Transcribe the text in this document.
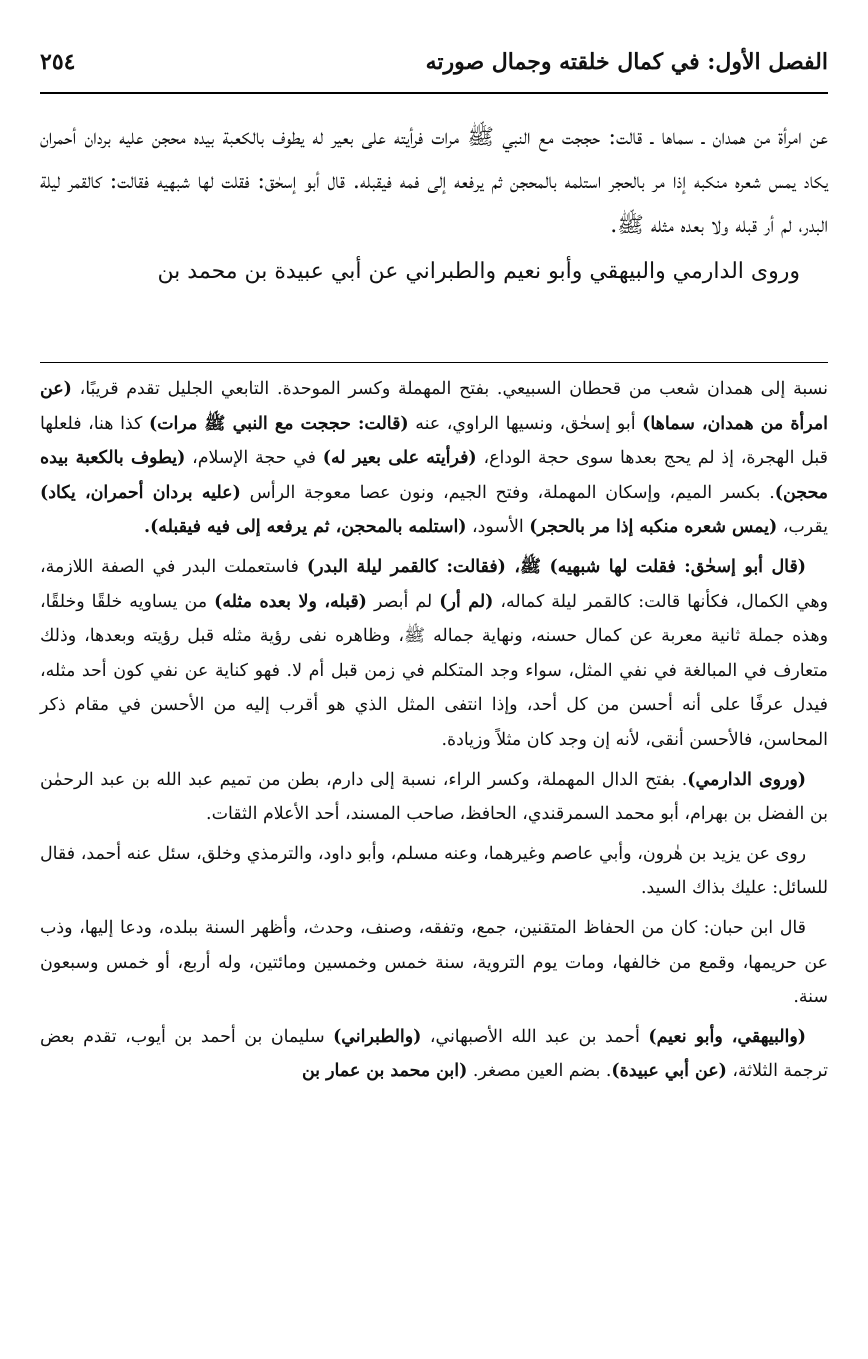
٢٥٤	الفصل الأول: في كمال خلقته وجمال صورته

عن امرأة من همدان ـ سماها ـ قالت: حججت مع النبي ﷺ مرات فرأيته على بعير له يطوف بالكعبة بيده محجن عليه بردان أحمران يكاد يمس شعره منكبه إذا مر بالحجر استلمه بالمحجن ثم يرفعه إلى فمه فيقبله. قال أبو إسحٰق: فقلت لها شبهيه فقالت: كالقمر ليلة البدر، لم أر قبله ولا بعده مثله ﷺ.

وروى الدارمي والبيهقي وأبو نعيم والطبراني عن أبي عبيدة بن محمد بن

نسبة إلى همدان شعب من قحطان السبيعي. بفتح المهملة وكسر الموحدة. التابعي الجليل تقدم قريبًا، (عن امرأة من همدان، سماها) أبو إسحٰق، ونسيها الراوي، عنه (قالت: حججت مع النبي ﷺ مرات) كذا هنا، فلعلها قبل الهجرة، إذ لم يحج بعدها سوى حجة الوداع، (فرأيته على بعير له) في حجة الإسلام، (يطوف بالكعبة بيده محجن). بكسر الميم، وإسكان المهملة، وفتح الجيم، ونون عصا معوجة الرأس (عليه بردان أحمران، يكاد) يقرب، (يمس شعره منكبه إذا مر بالحجر) الأسود، (استلمه بالمحجن، ثم يرفعه إلى فيه فيقبله).

(قال أبو إسحٰق: فقلت لها شبهيه) ﷺ، (فقالت: كالقمر ليلة البدر) فاستعملت البدر في الصفة اللازمة، وهي الكمال، فكأنها قالت: كالقمر ليلة كماله، (لم أر) لم أبصر (قبله، ولا بعده مثله) من يساويه خلقًا وخلقًا، وهذه جملة ثانية معربة عن كمال حسنه، ونهاية جماله ﷺ، وظاهره نفى رؤية مثله قبل رؤيته وبعدها، وذلك متعارف في المبالغة في نفي المثل، سواء وجد المتكلم في زمن قبل أم لا. فهو كناية عن نفي كون أحد مثله، فيدل عرفًا على أنه أحسن من كل أحد، وإذا انتفى المثل الذي هو أقرب إليه من الأحسن في مقام ذكر المحاسن، فالأحسن أنقى، لأنه إن وجد كان مثلاً وزيادة.

(وروى الدارمي). بفتح الدال المهملة، وكسر الراء، نسبة إلى دارم، بطن من تميم عبد الله بن عبد الرحمٰن بن الفضل بن بهرام، أبو محمد السمرقندي، الحافظ، صاحب المسند، أحد الأعلام الثقات.

روى عن يزيد بن هٰرون، وأبي عاصم وغيرهما، وعنه مسلم، وأبو داود، والترمذي وخلق، سئل عنه أحمد، فقال للسائل: عليك بذاك السيد.

قال ابن حبان: كان من الحفاظ المتقنين، جمع، وتفقه، وصنف، وحدث، وأظهر السنة ببلده، ودعا إليها، وذب عن حريمها، وقمع من خالفها، ومات يوم التروية، سنة خمس وخمسين ومائتين، وله أربع، أو خمس وسبعون سنة.

(والبيهقي، وأبو نعيم) أحمد بن عبد الله الأصبهاني، (والطبراني) سليمان بن أحمد بن أيوب، تقدم بعض ترجمة الثلاثة، (عن أبي عبيدة). بضم العين مصغر. (ابن محمد بن عمار بن
